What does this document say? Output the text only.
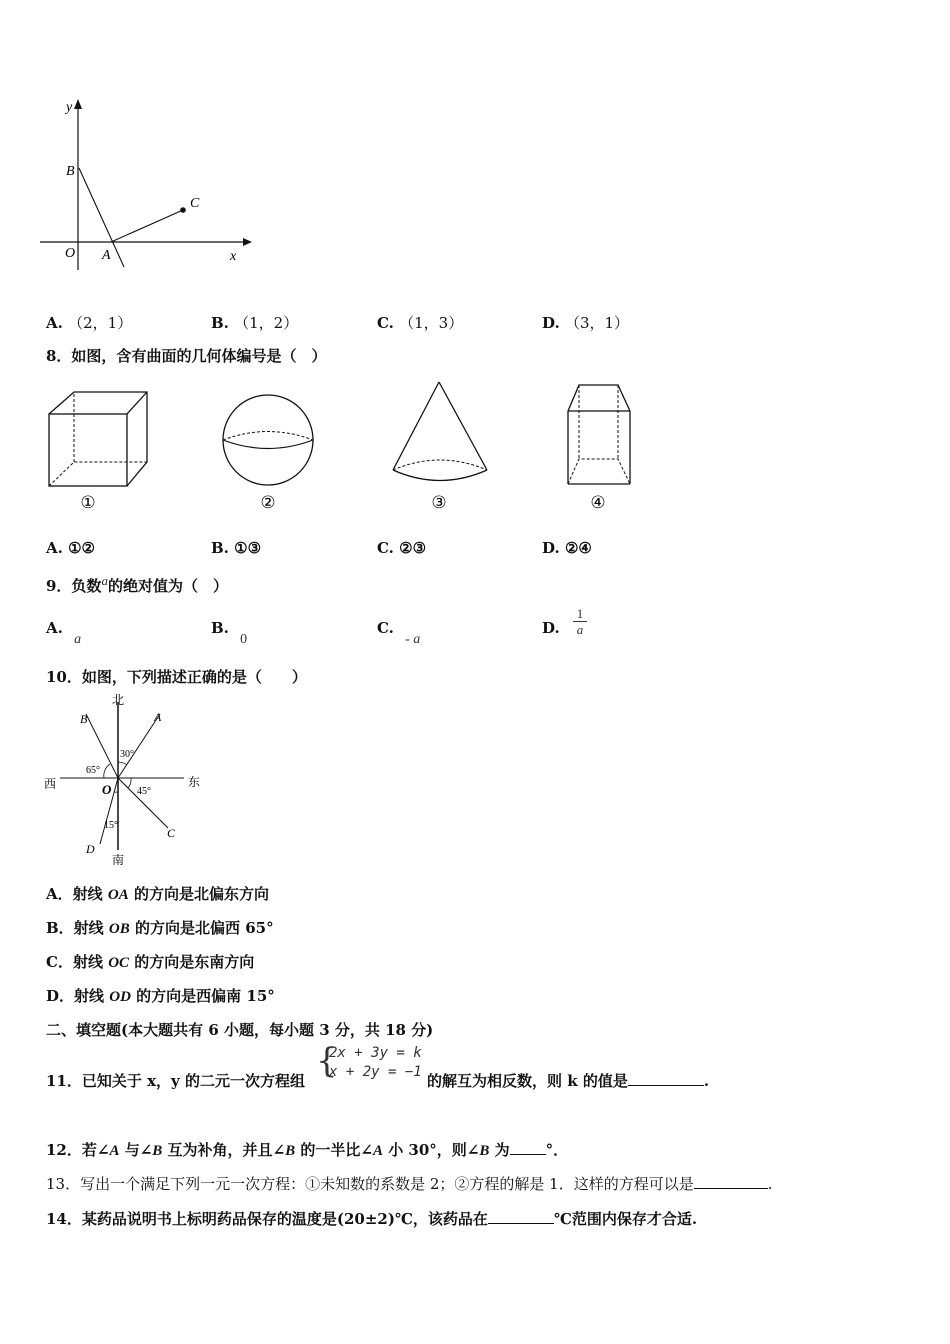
y
x
O A
B
C
A. （2，1）	B. （1，2）	C. （1，3）	D. （3，1）
8．如图，含有曲面的几何体编号是（　）
①	②	③	④
A. ①②	B. ①③	C. ②③	D. ②④
9．负数$^a$的绝对值为（　）
A. a
B. 0
C. - a
D.
1
a
10．如图，下列描述正确的是（　　）
北
南
西	东
O
A
B
C
D
30°
65°
45°
15°
A．射线 OA 的方向是北偏东方向
B．射线 OB 的方向是北偏西 65°
C．射线 OC 的方向是东南方向
D．射线 OD 的方向是西偏南 15°
二、填空题(本大题共有 6 小题，每小题 3 分，共 18 分)
11．已知关于 x，y 的二元一次方程组 {
2x + 3y = k
x + 2y = −1 的解互为相反数，则 k 的值是	.
12．若∠A 与∠B 互为补角，并且∠B 的一半比∠A 小 30°，则∠B 为 °．
13．写出一个满足下列一元一次方程：①未知数的系数是 2；②方程的解是 1．这样的方程可以是	.
14．某药品说明书上标明药品保存的温度是(20±2)℃，该药品在	℃范围内保存才合适.
